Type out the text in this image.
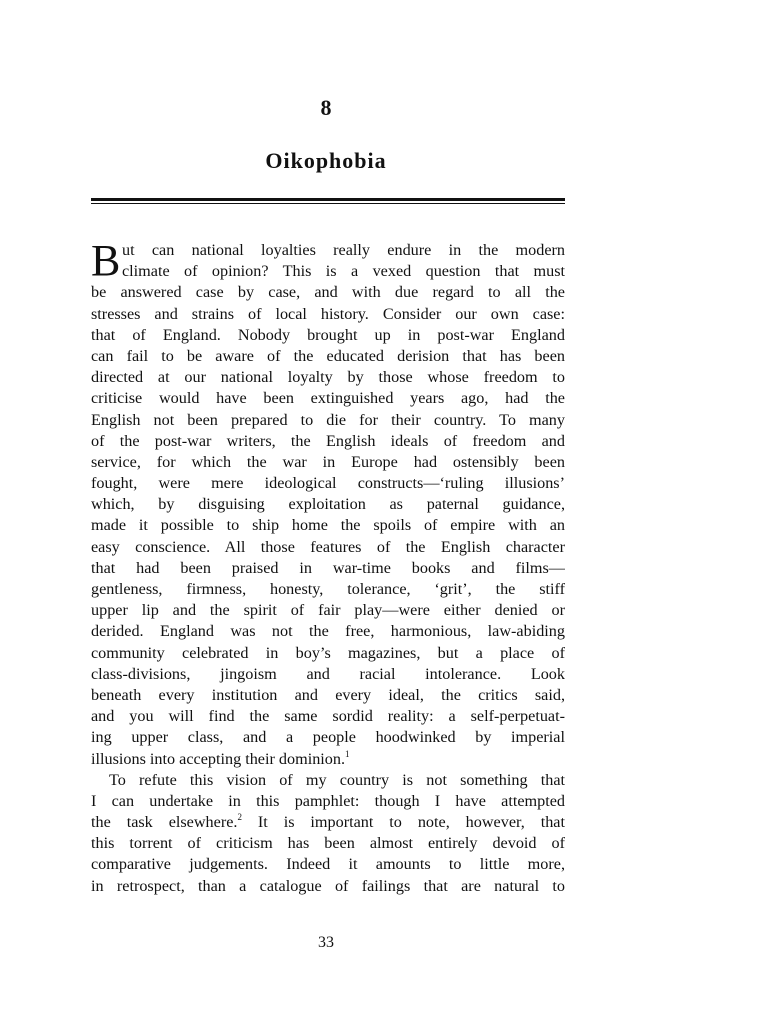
8
Oikophobia
B ut can national loyalties really endure in the modern
climate of opinion? This is a vexed question that must
be answered case by case, and with due regard to all the
stresses and strains of local history. Consider our own case:
that of England. Nobody brought up in post-war England
can fail to be aware of the educated derision that has been
directed at our national loyalty by those whose freedom to
criticise would have been extinguished years ago, had the
English not been prepared to die for their country. To many
of the post-war writers, the English ideals of freedom and
service, for which the war in Europe had ostensibly been
fought, were mere ideological constructs—‘ruling illusions’
which, by disguising exploitation as paternal guidance,
made it possible to ship home the spoils of empire with an
easy conscience. All those features of the English character
that had been praised in war-time books and films—
gentleness, firmness, honesty, tolerance, ‘grit’, the stiff
upper lip and the spirit of fair play—were either denied or
derided. England was not the free, harmonious, law-abiding
community celebrated in boy’s magazines, but a place of
class-divisions, jingoism and racial intolerance. Look
beneath every institution and every ideal, the critics said,
and you will find the same sordid reality: a self-perpetuat-
ing upper class, and a people hoodwinked by imperial
illusions into accepting their dominion.$^1$
To refute this vision of my country is not something that
I can undertake in this pamphlet: though I have attempted
the task elsewhere.$^2$ It is important to note, however, that
this torrent of criticism has been almost entirely devoid of
comparative judgements. Indeed it amounts to little more,
in retrospect, than a catalogue of failings that are natural to
33
